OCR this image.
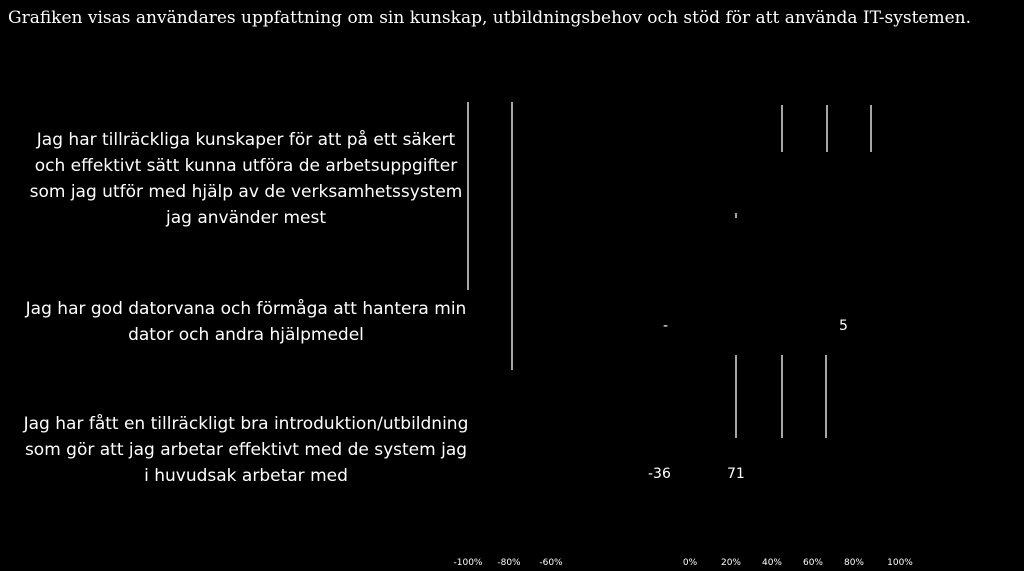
Grafiken visas användares uppfattning om sin kunskap, utbildningsbehov och stöd för att använda IT-systemen.

Jag har tillräckliga kunskaper för att på ett säkert och effektivt sätt kunna utföra de arbetsuppgifter som jag utför med hjälp av de verksamhetssystem jag använder mest
Jag har god datorvana och förmåga att hantera min dator och andra hjälpmedel
Jag har fått en tillräckligt bra introduktion/utbildning som gör att jag arbetar effektivt med de system jag i huvudsak arbetar med
-	5
-36	71
-100% -80% -60%	0%	20% 40% 60% 80%	100%
